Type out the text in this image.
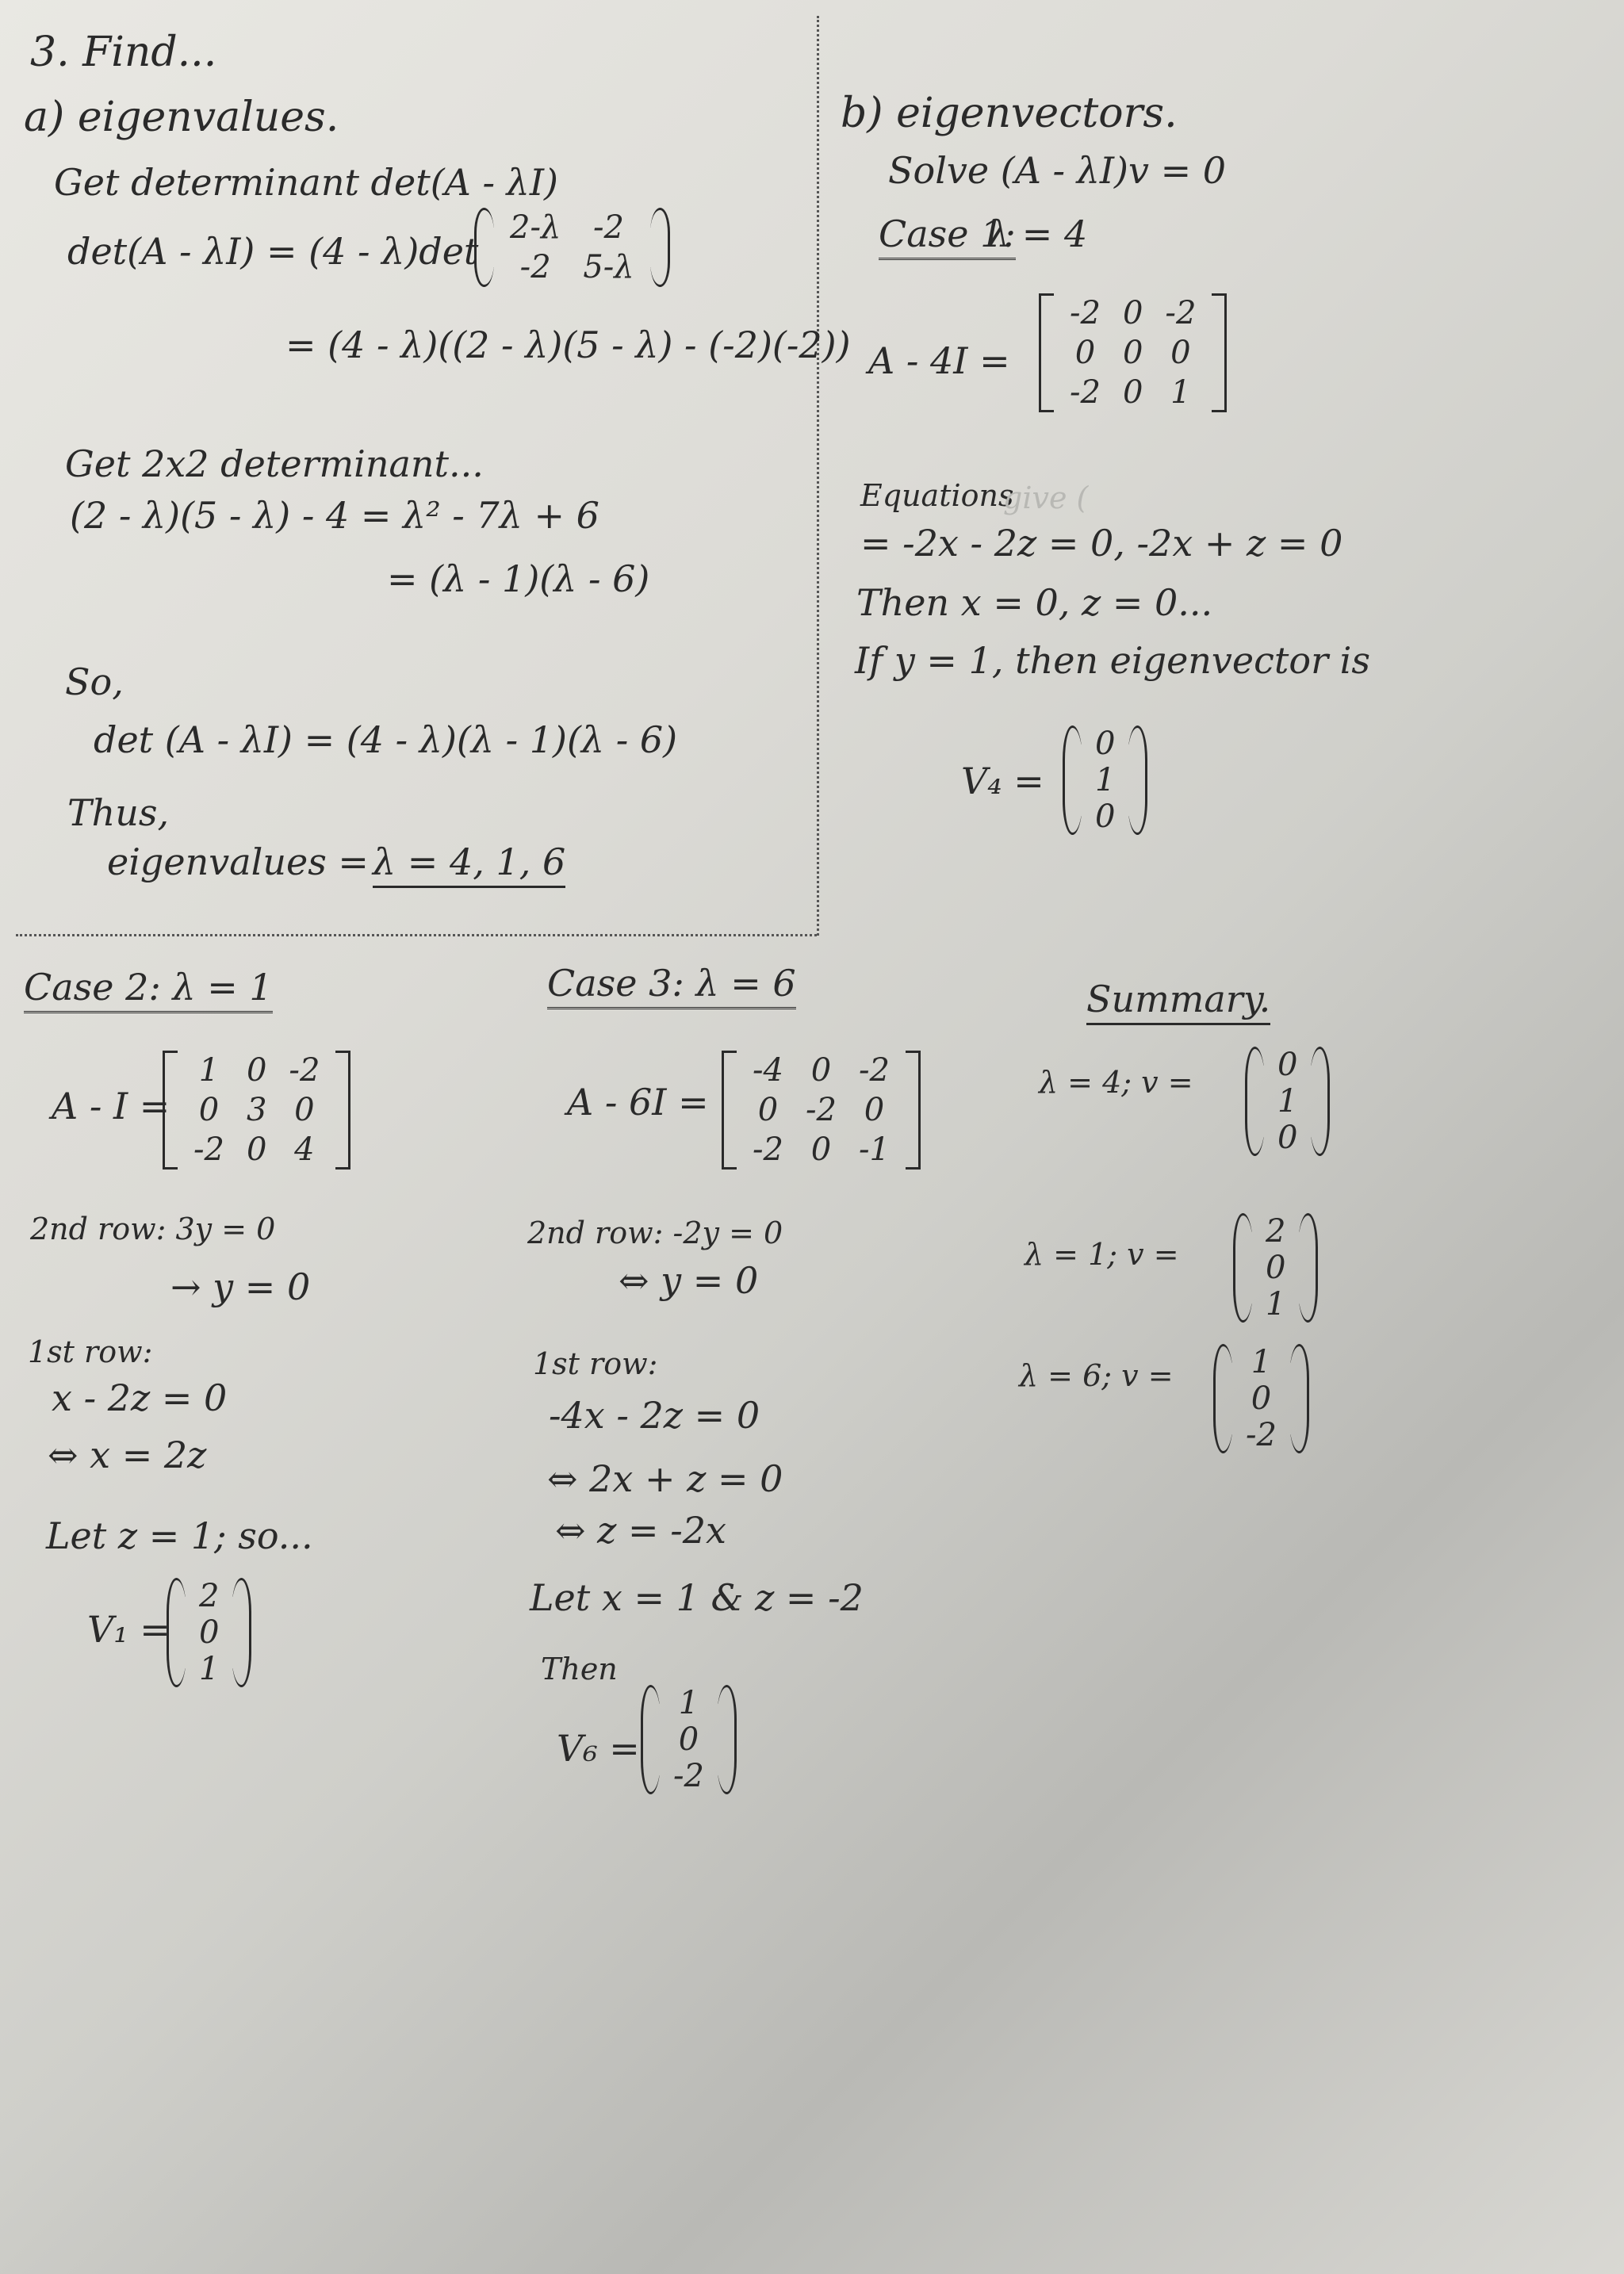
3. Find...
a) eigenvalues.
Get determinant det(A - λI)
det(A - λI) = (4 - λ)det
2-λ	-2
-2	5-λ
= (4 - λ)((2 - λ)(5 - λ) - (-2)(-2))
Get 2x2 determinant...
(2 - λ)(5 - λ) - 4 = λ² - 7λ + 6
= (λ - 1)(λ - 6)
So,
det (A - λI) = (4 - λ)(λ - 1)(λ - 6)
Thus,
eigenvalues = λ = 4, 1, 6
b) eigenvectors.
Solve (A - λI)v = 0
Case 1:
λ = 4
A - 4I =
-2	0	-2
0	0	0
-2	0	1
Equations
give (
= -2x - 2z = 0, -2x + z = 0
Then x = 0, z = 0...
If y = 1, then eigenvector is
V₄ =
0
1
0
Case 2: λ = 1
A - I =
1	0	-2
0	3	0
-2	0	4
2nd row: 3y = 0
→ y = 0
1st row:
x - 2z = 0
⇔ x = 2z
Let z = 1; so...
V₁ =
2
0
1
Case 3: λ = 6
A - 6I =
-4	0	-2
0	-2	0
-2	0	-1
2nd row: -2y = 0
⇔ y = 0
1st row:
-4x - 2z = 0
⇔ 2x + z = 0
⇔ z = -2x
Let x = 1 & z = -2
Then
V₆ =
1
0
-2
Summary.
λ = 4; v =	0
1
0
λ = 1; v =
2
0
1
λ = 6; v = 1
0
-2
